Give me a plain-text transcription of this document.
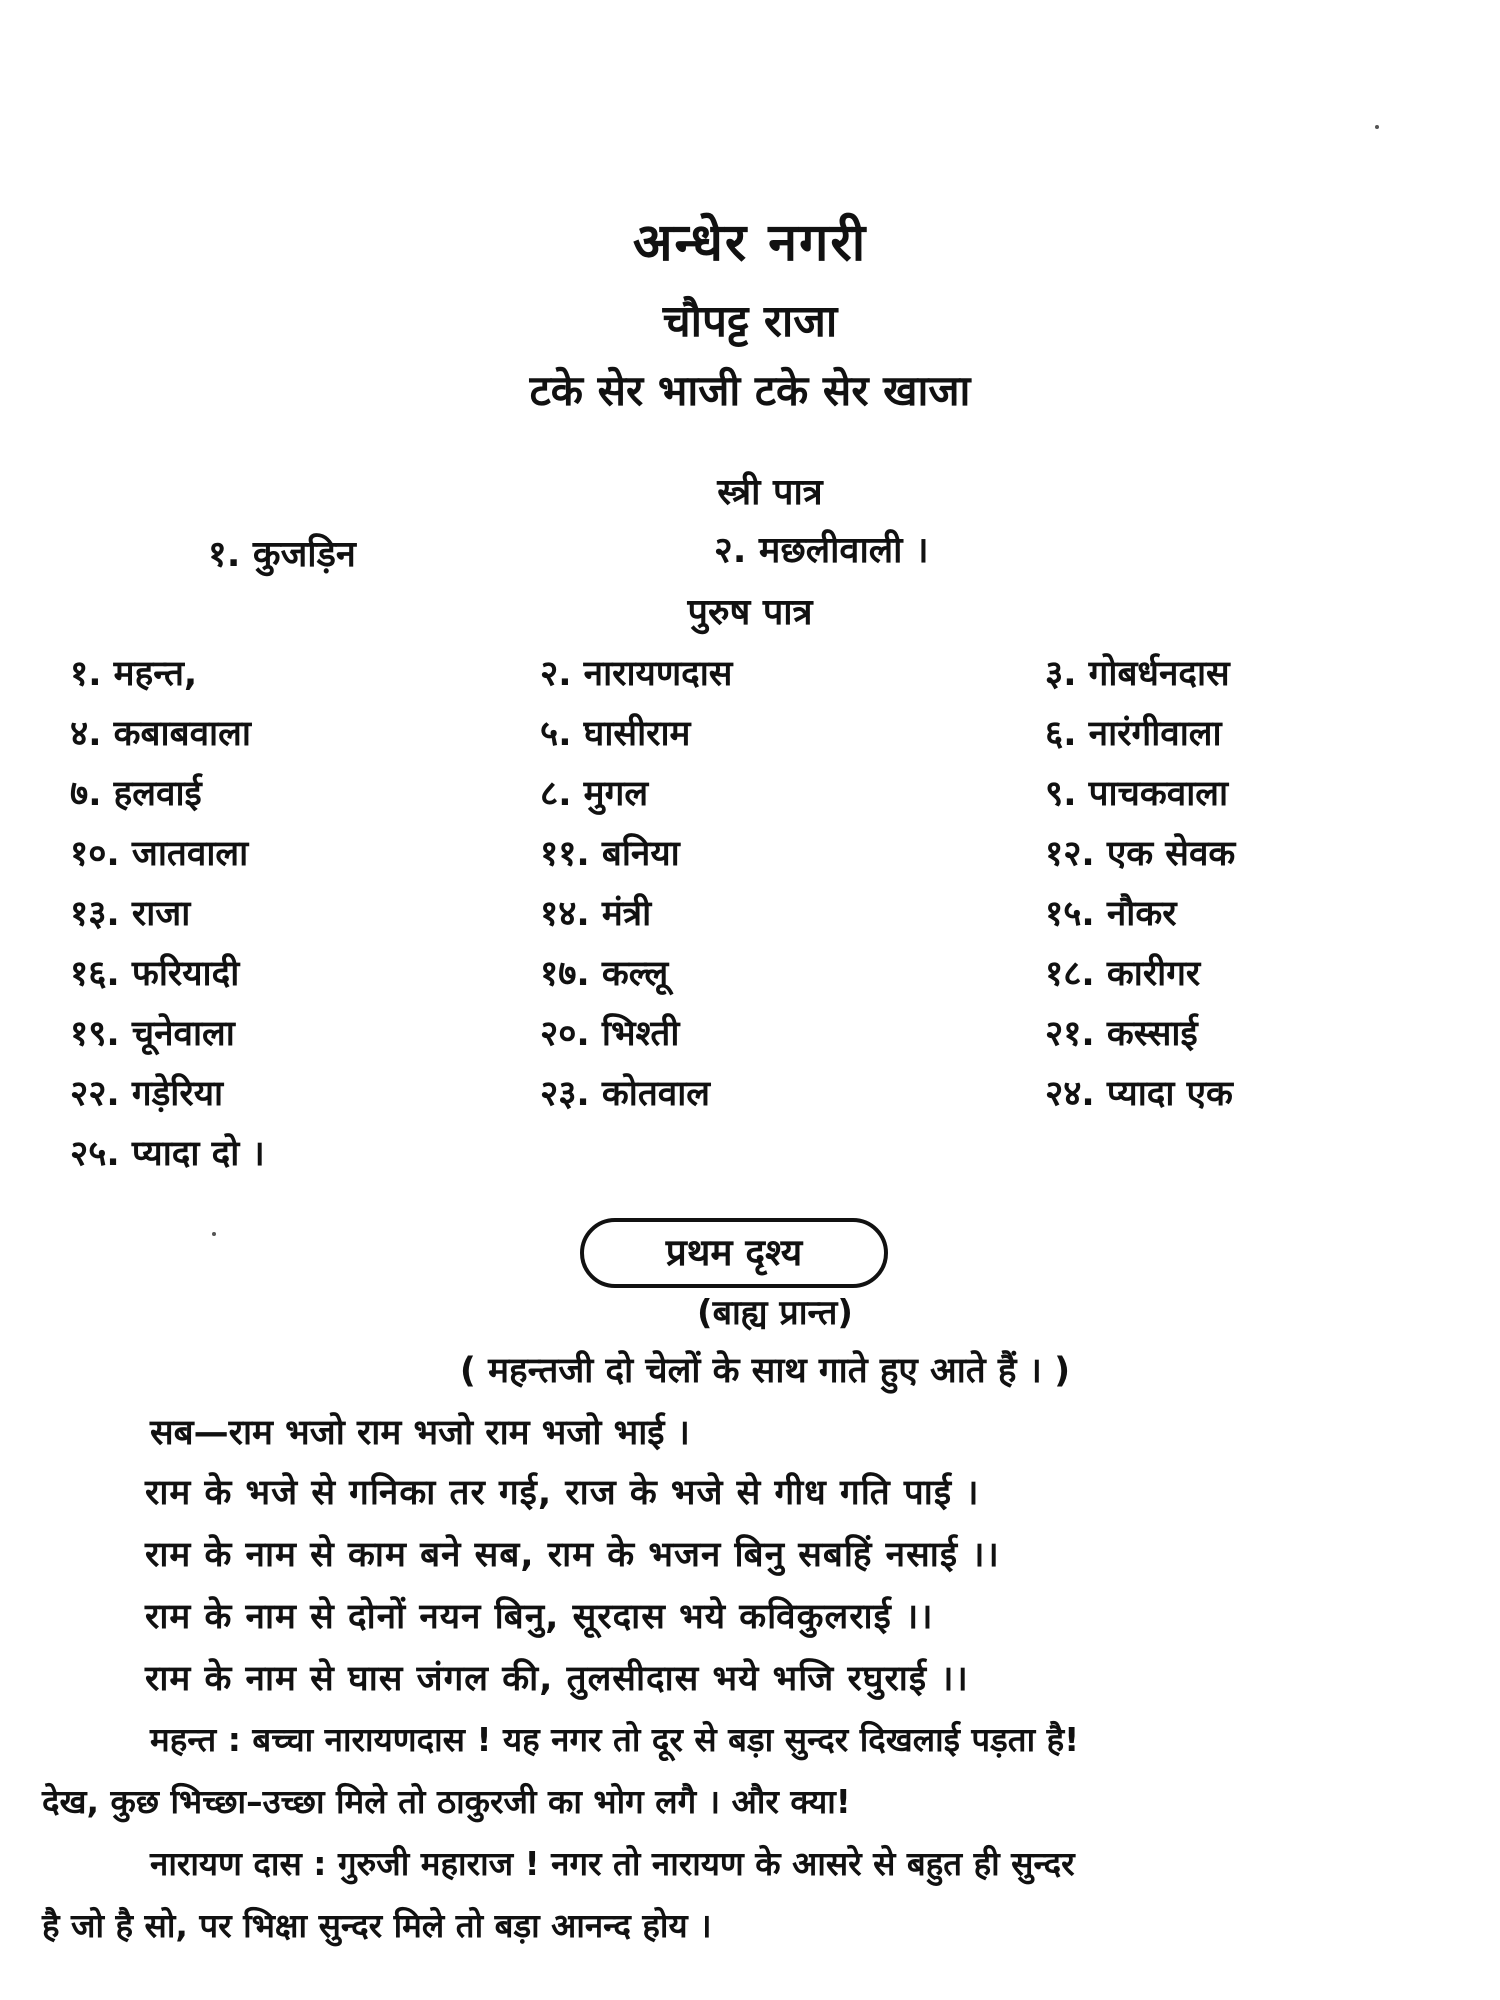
अन्धेर नगरी
चौपट्ट राजा
टके सेर भाजी टके सेर खाजा
स्त्री पात्र
१. कुजड़िन	२. मछलीवाली ।
पुरुष पात्र
१. महन्त,	२. नारायणदास	३. गोबर्धनदास
४. कबाबवाला	५. घासीराम	६. नारंगीवाला
७. हलवाई	८. मुगल	९. पाचकवाला
१०. जातवाला	११. बनिया	१२. एक सेवक
१३. राजा	१४. मंत्री	१५. नौकर
१६. फरियादी	१७. कल्लू	१८. कारीगर
१९. चूनेवाला	२०. भिश्ती	२१. कस्साई
२२. गड़ेरिया	२३. कोतवाल	२४. प्यादा एक
२५. प्यादा दो ।
प्रथम दृश्य
(बाह्य प्रान्त)
( महन्तजी दो चेलों के साथ गाते हुए आते हैं । )
सब—राम भजो राम भजो राम भजो भाई ।
राम के भजे से गनिका तर गई, राज के भजे से गीध गति पाई ।
राम के नाम से काम बने सब, राम के भजन बिनु सबहिं नसाई ।।
राम के नाम से दोनों नयन बिनु, सूरदास भये कविकुलराई ।।
राम के नाम से घास जंगल की, तुलसीदास भये भजि रघुराई ।।
महन्त : बच्चा नारायणदास ! यह नगर तो दूर से बड़ा सुन्दर दिखलाई पड़ता है!
देख, कुछ भिच्छा–उच्छा मिले तो ठाकुरजी का भोग लगै । और क्या!
नारायण दास : गुरुजी महाराज ! नगर तो नारायण के आसरे से बहुत ही सुन्दर
है जो है सो, पर भिक्षा सुन्दर मिले तो बड़ा आनन्द होय ।
